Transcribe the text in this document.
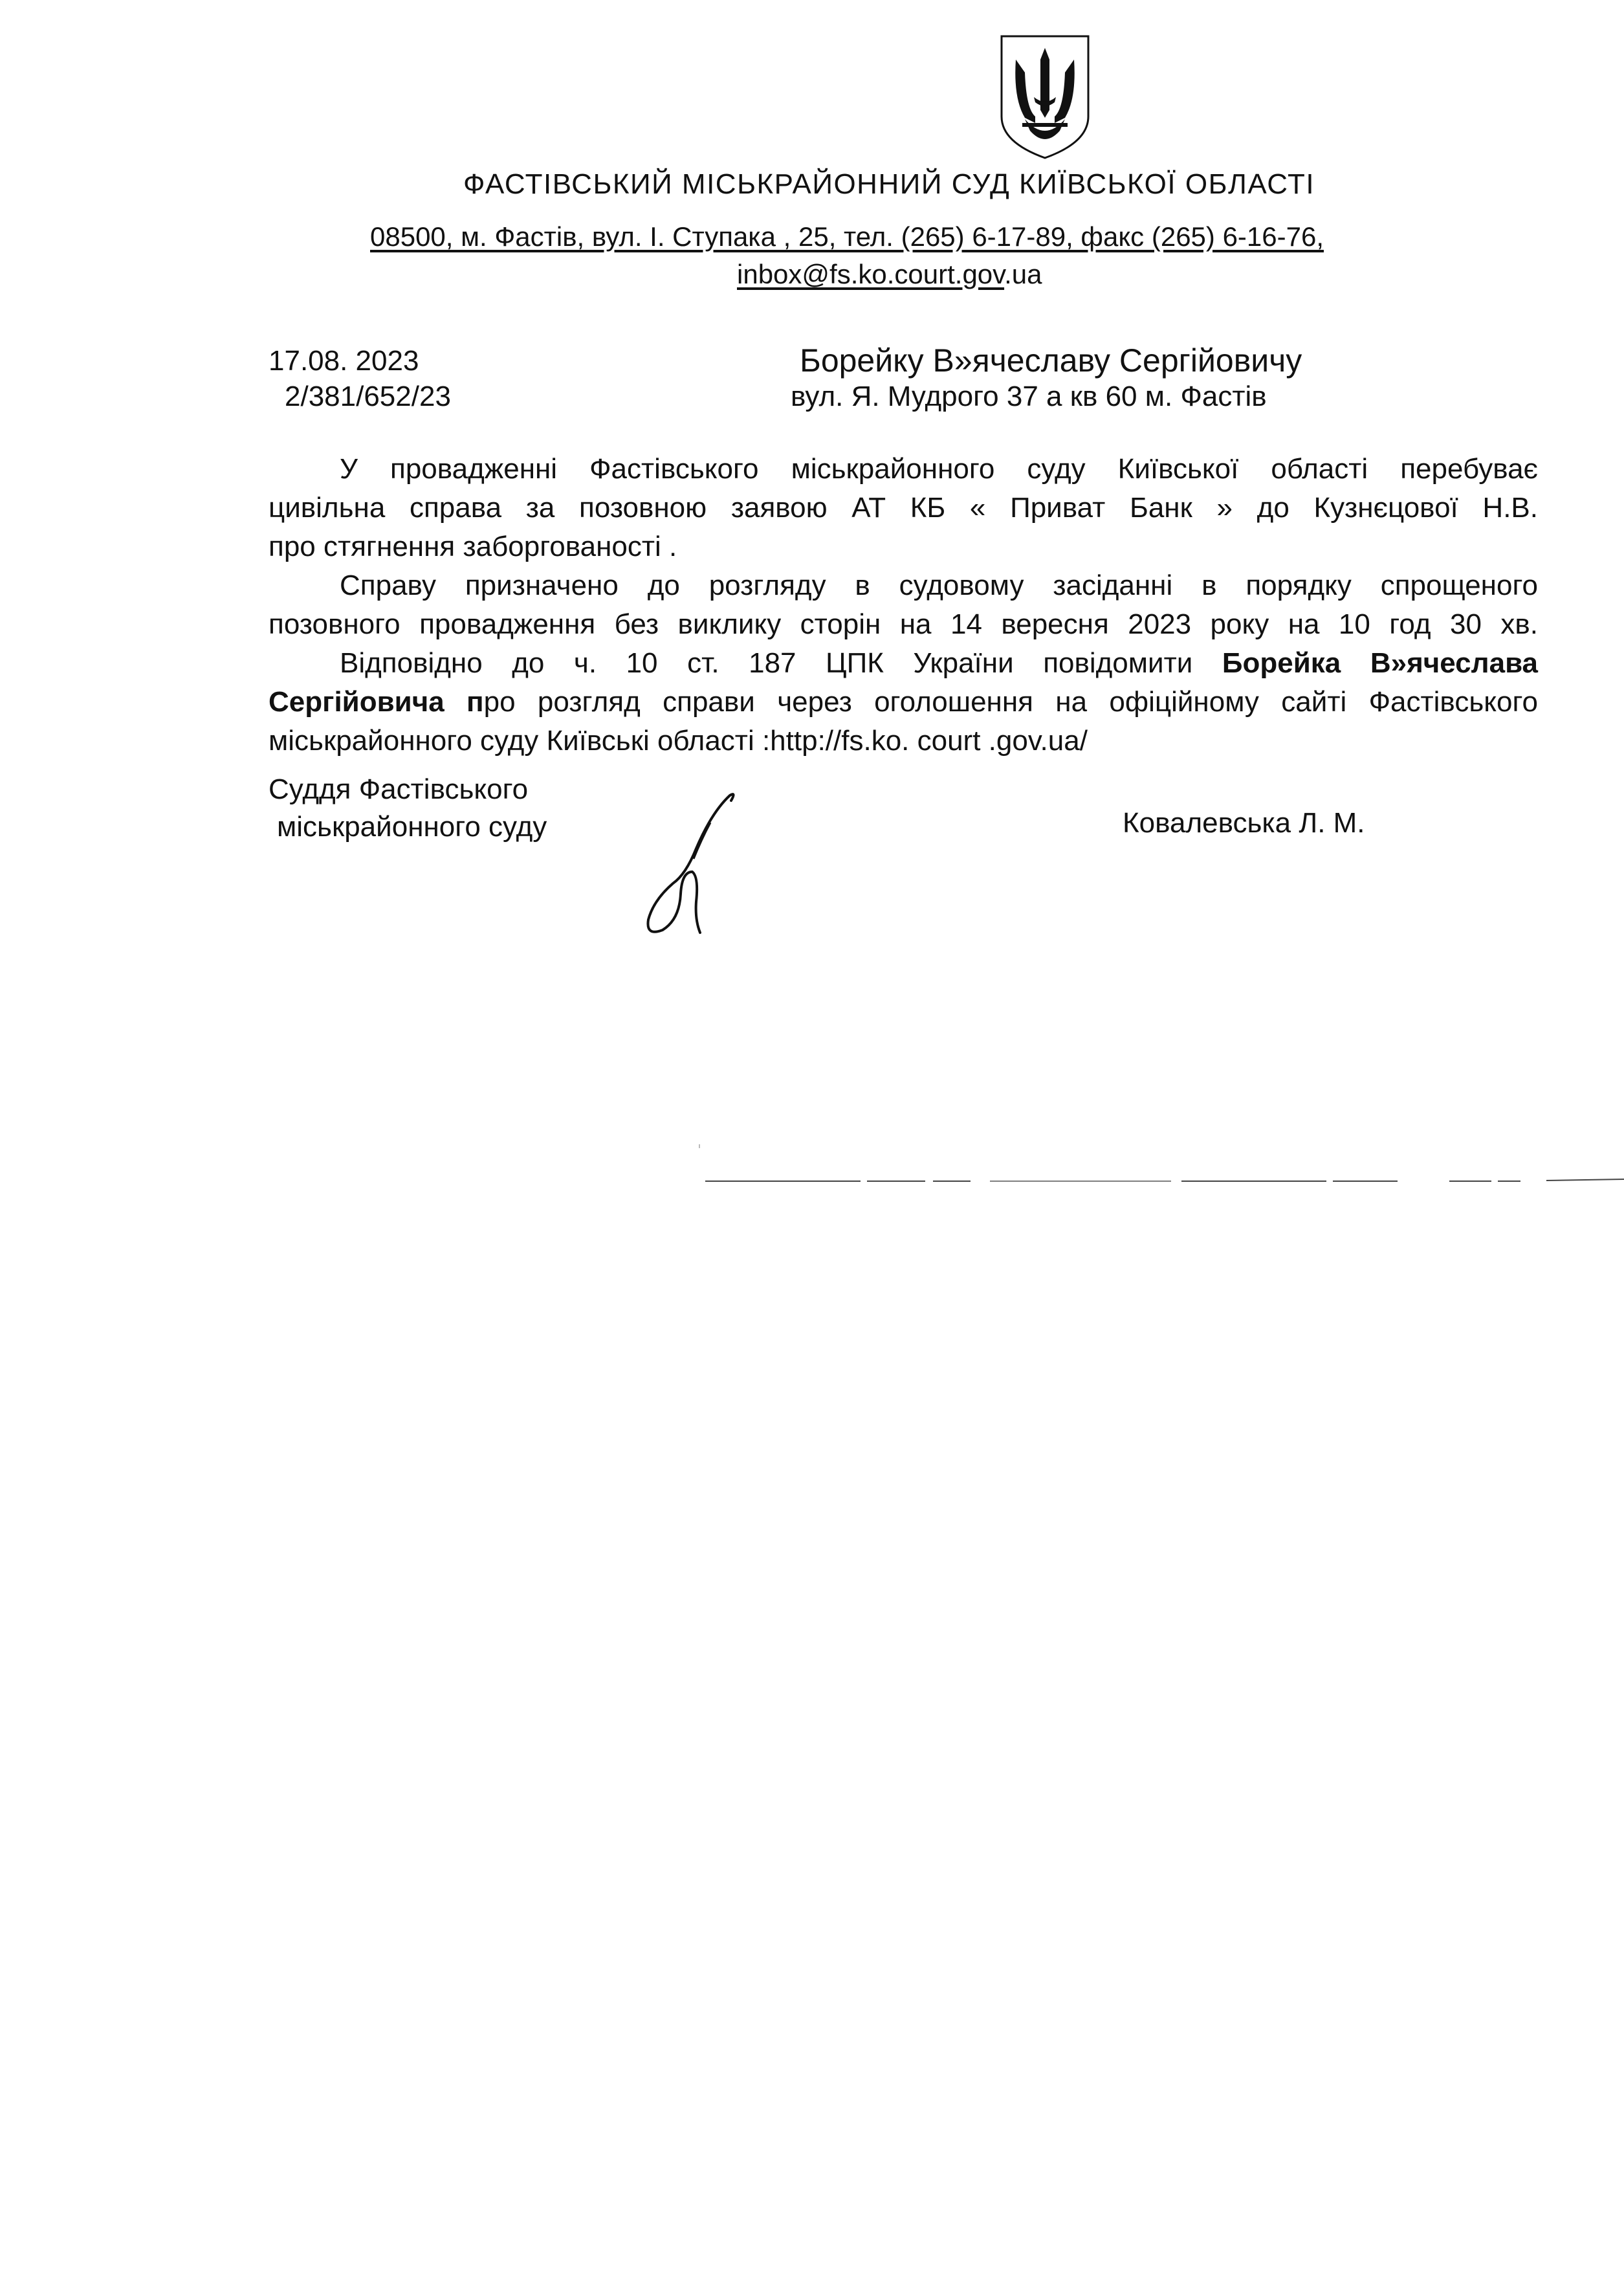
ФАСТІВСЬКИЙ МІСЬКРАЙОННИЙ СУД КИЇВСЬКОЇ ОБЛАСТІ
08500, м. Фастів, вул. І. Ступака , 25, тел. (265) 6-17-89, факс (265) 6-16-76,
inbox@fs.ko.court.gov.ua
17.08. 2023
2/381/652/23
Борейку В»ячеславу Сергійовичу
вул. Я. Мудрого 37 а кв 60 м. Фастів
У провадженні Фастівського міськрайонного суду Київської області перебуває
цивільна справа за позовною заявою АТ КБ « Приват Банк » до Кузнєцової Н.В.
про стягнення заборгованості .
Справу призначено до розгляду в судовому засіданні в порядку спрощеного
позовного провадження без виклику сторін на 14 вересня 2023 року на 10 год 30 хв.
Відповідно до ч. 10 ст. 187 ЦПК України повідомити Борейка В»ячеслава
Сергійовича про розгляд справи через оголошення на офіційному сайті Фастівського
міськрайонного суду Київські області :http://fs.ko. court .gov.ua/
Суддя Фастівського
міськрайонного суду	Ковалевська Л. М.
